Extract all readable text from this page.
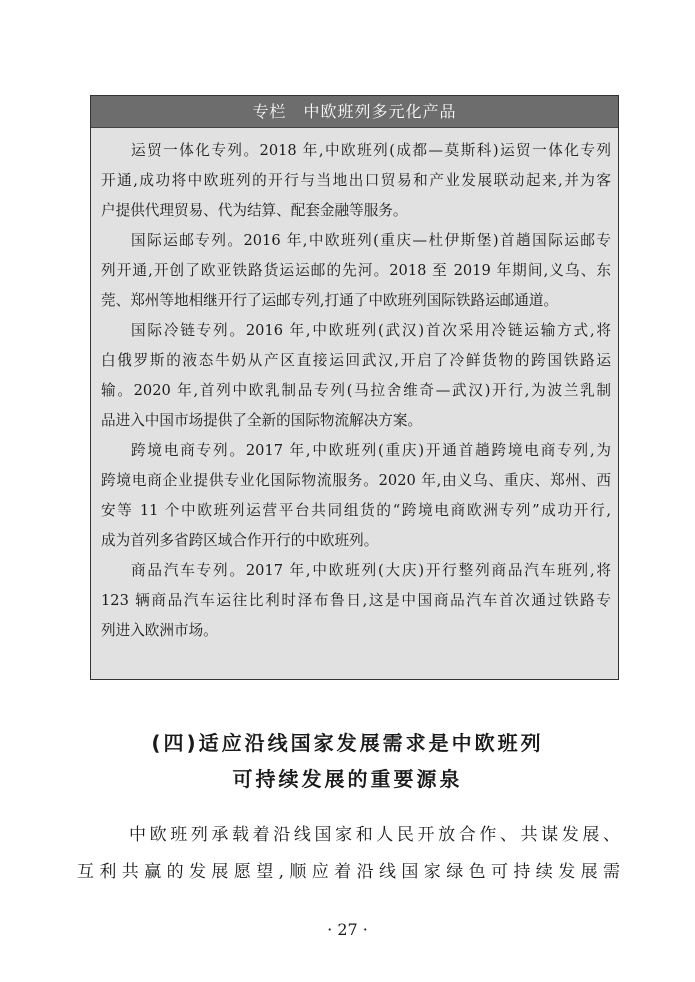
专栏　中欧班列多元化产品
运贸一体化专列。2018 年,中欧班列(成都—莫斯科)运贸一体化专列
开通,成功将中欧班列的开行与当地出口贸易和产业发展联动起来,并为客
户提供代理贸易、代为结算、配套金融等服务。
国际运邮专列。2016 年,中欧班列(重庆—杜伊斯堡)首趟国际运邮专
列开通,开创了欧亚铁路货运运邮的先河。2018 至 2019 年期间,义乌、东
莞、郑州等地相继开行了运邮专列,打通了中欧班列国际铁路运邮通道。
国际冷链专列。2016 年,中欧班列(武汉)首次采用冷链运输方式,将
白俄罗斯的液态牛奶从产区直接运回武汉,开启了冷鲜货物的跨国铁路运
输。2020 年,首列中欧乳制品专列(马拉舍维奇—武汉)开行,为波兰乳制
品进入中国市场提供了全新的国际物流解决方案。
跨境电商专列。2017 年,中欧班列(重庆)开通首趟跨境电商专列,为
跨境电商企业提供专业化国际物流服务。2020 年,由义乌、重庆、郑州、西
安等 11 个中欧班列运营平台共同组货的“跨境电商欧洲专列”成功开行,
成为首列多省跨区域合作开行的中欧班列。
商品汽车专列。2017 年,中欧班列(大庆)开行整列商品汽车班列,将
123 辆商品汽车运往比利时泽布鲁日,这是中国商品汽车首次通过铁路专
列进入欧洲市场。
(四)适应沿线国家发展需求是中欧班列
可持续发展的重要源泉
中欧班列承载着沿线国家和人民开放合作、共谋发展、
互利共赢的发展愿望,顺应着沿线国家绿色可持续发展需
· 27 ·
